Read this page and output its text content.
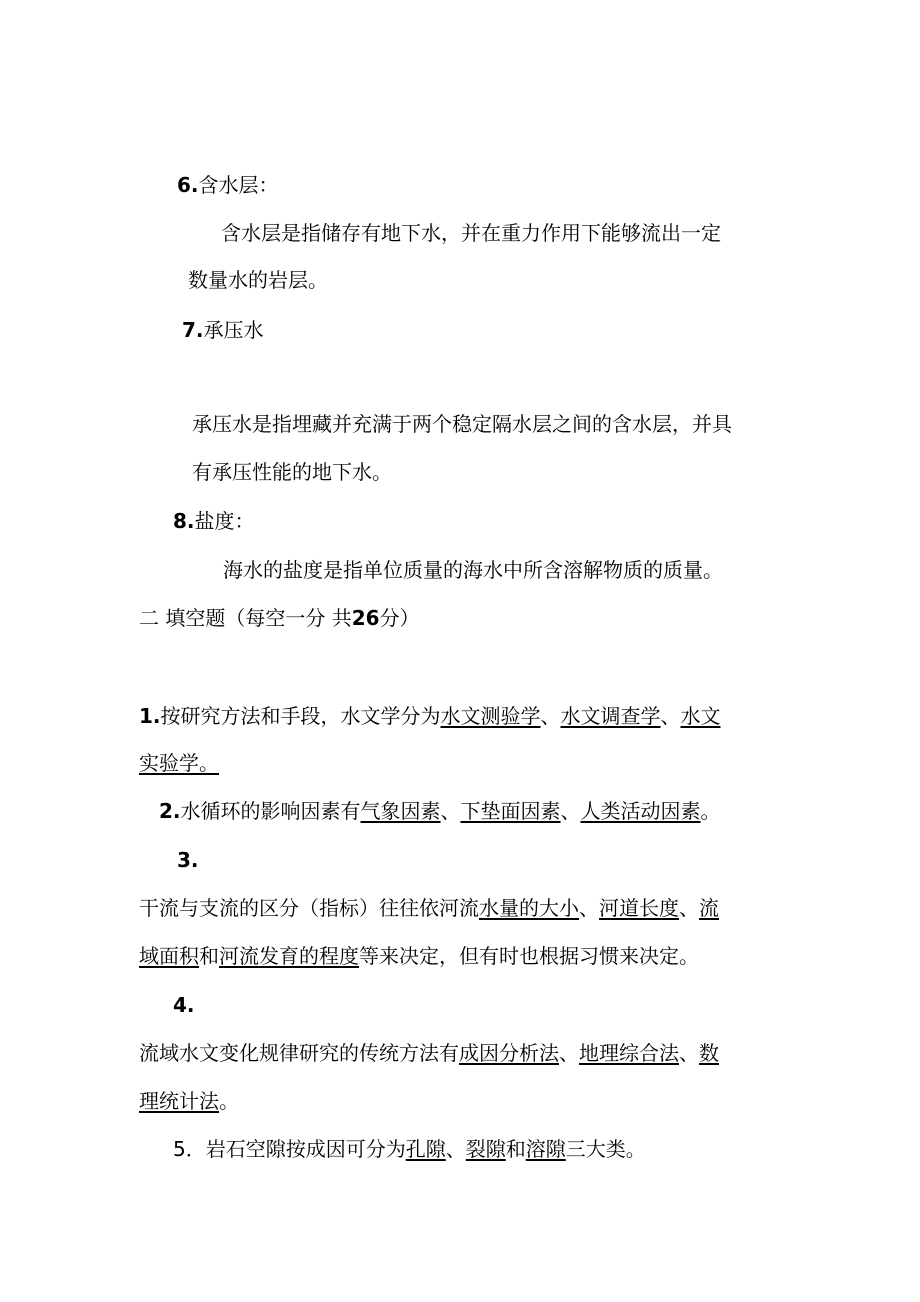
6.含水层：
含水层是指储存有地下水，并在重力作用下能够流出一定
数量水的岩层。
7.承压水
承压水是指埋藏并充满于两个稳定隔水层之间的含水层，并具
有承压性能的地下水。
8.盐度：
海水的盐度是指单位质量的海水中所含溶解物质的质量。
二 填空题（每空一分 共26分）
1.按研究方法和手段，水文学分为水文测验学、水文调查学、水文
实验学。
2.水循环的影响因素有气象因素、下垫面因素、人类活动因素。
3.
干流与支流的区分（指标）往往依河流水量的大小、河道长度、流
域面积和河流发育的程度等来决定，但有时也根据习惯来决定。
4.
流域水文变化规律研究的传统方法有成因分析法、地理综合法、数
理统计法。
5．岩石空隙按成因可分为孔隙、裂隙和溶隙三大类。
